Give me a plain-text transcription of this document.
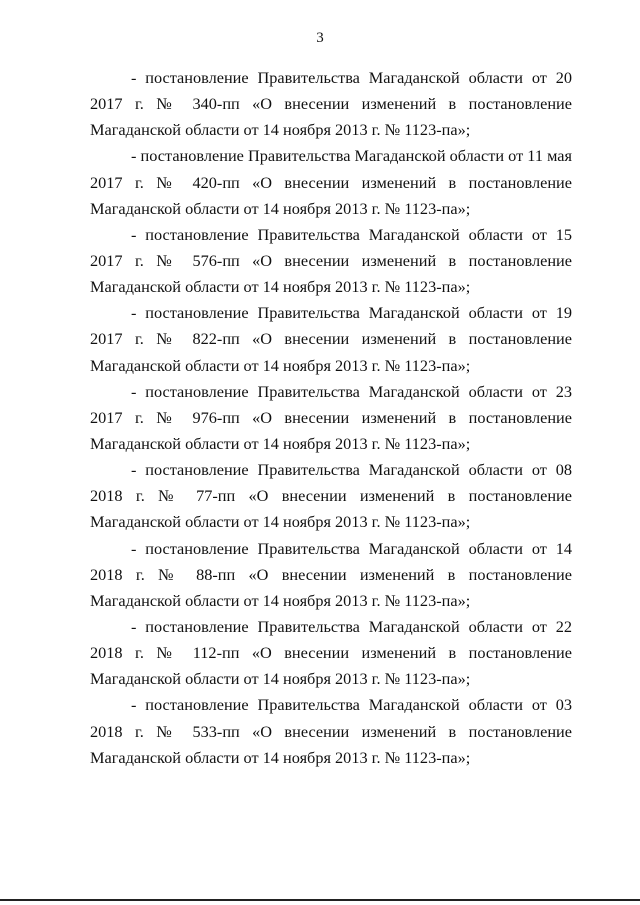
3
- постановление Правительства Магаданской области от 20
2017 г. № 340-пп «О внесении изменений в постановление
Магаданской области от 14 ноября 2013 г. № 1123-па»;
- постановление Правительства Магаданской области от 11 мая
2017 г. № 420-пп «О внесении изменений в постановление
Магаданской области от 14 ноября 2013 г. № 1123-па»;
- постановление Правительства Магаданской области от 15
2017 г. № 576-пп «О внесении изменений в постановление
Магаданской области от 14 ноября 2013 г. № 1123-па»;
- постановление Правительства Магаданской области от 19
2017 г. № 822-пп «О внесении изменений в постановление
Магаданской области от 14 ноября 2013 г. № 1123-па»;
- постановление Правительства Магаданской области от 23
2017 г. № 976-пп «О внесении изменений в постановление
Магаданской области от 14 ноября 2013 г. № 1123-па»;
- постановление Правительства Магаданской области от 08
2018 г. № 77-пп «О внесении изменений в постановление
Магаданской области от 14 ноября 2013 г. № 1123-па»;
- постановление Правительства Магаданской области от 14
2018 г. № 88-пп «О внесении изменений в постановление
Магаданской области от 14 ноября 2013 г. № 1123-па»;
- постановление Правительства Магаданской области от 22
2018 г. № 112-пп «О внесении изменений в постановление
Магаданской области от 14 ноября 2013 г. № 1123-па»;
- постановление Правительства Магаданской области от 03
2018 г. № 533-пп «О внесении изменений в постановление
Магаданской области от 14 ноября 2013 г. № 1123-па»;
